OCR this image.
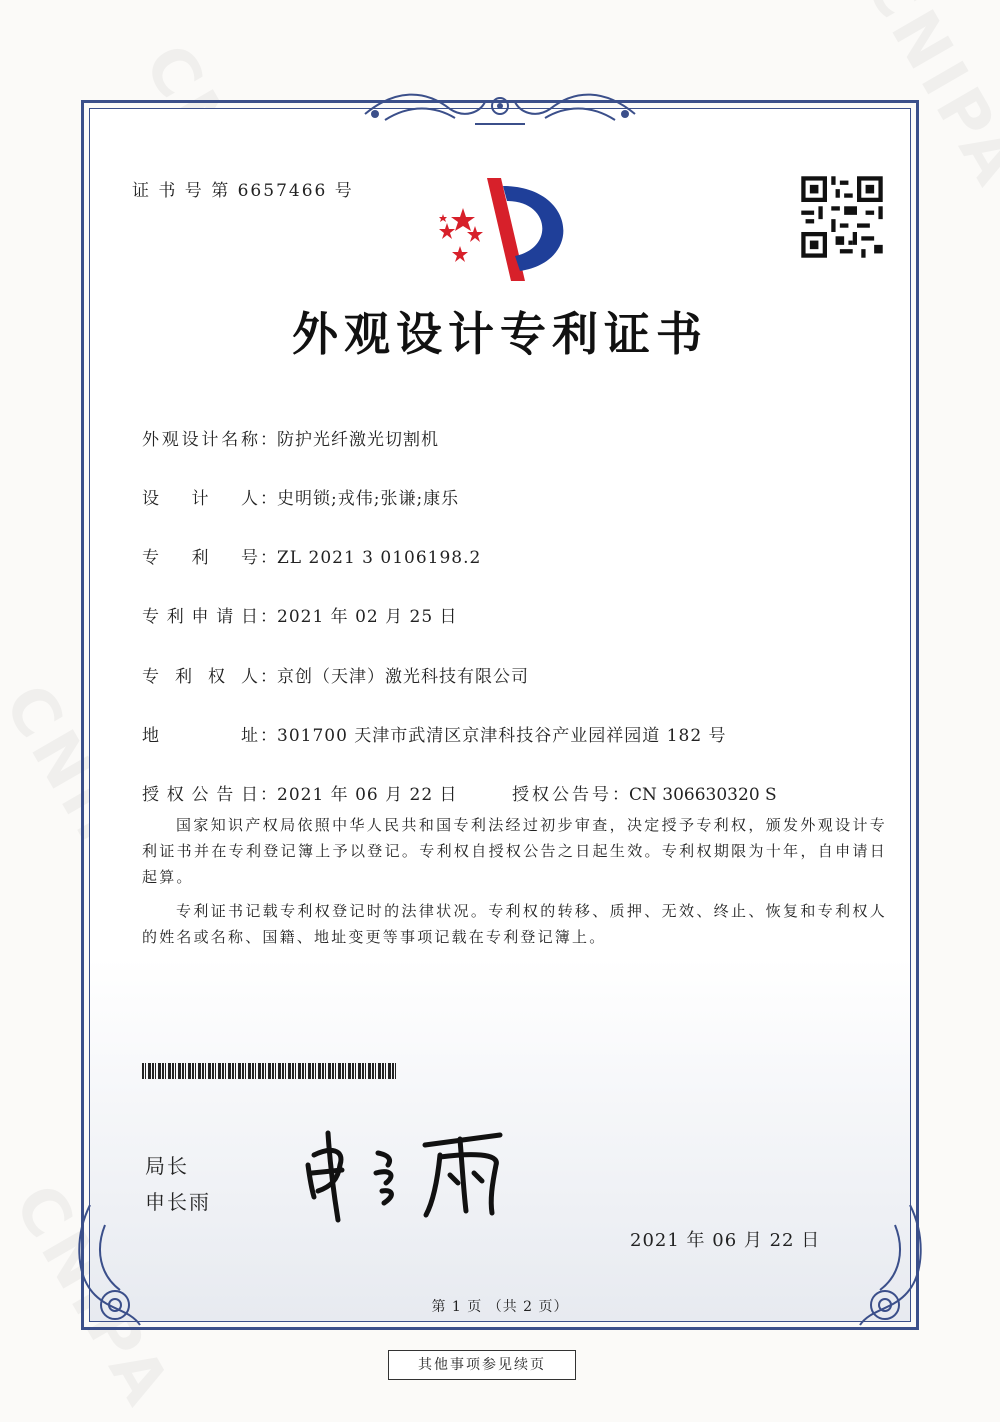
证 书 号 第 6657466 号
外观设计专利证书
外观设计名称：防护光纤激光切割机
设计人：史明锁;戎伟;张谦;康乐
专利号：ZL 2021 3 0106198.2
专利申请日：2021 年 02 月 25 日
专利权人：京创（天津）激光科技有限公司
地址：301700 天津市武清区京津科技谷产业园祥园道 182 号
授权公告日：2021 年 06 月 22 日	授权公告号：CN 306630320 S

国家知识产权局依照中华人民共和国专利法经过初步审查，决定授予专利权，颁发外观设计专利证书并在专利登记簿上予以登记。专利权自授权公告之日起生效。专利权期限为十年，自申请日起算。

专利证书记载专利权登记时的法律状况。专利权的转移、质押、无效、终止、恢复和专利权人的姓名或名称、国籍、地址变更等事项记载在专利登记簿上。

局长
申长雨
2021 年 06 月 22 日
第 1 页 （共 2 页）
其他事项参见续页
